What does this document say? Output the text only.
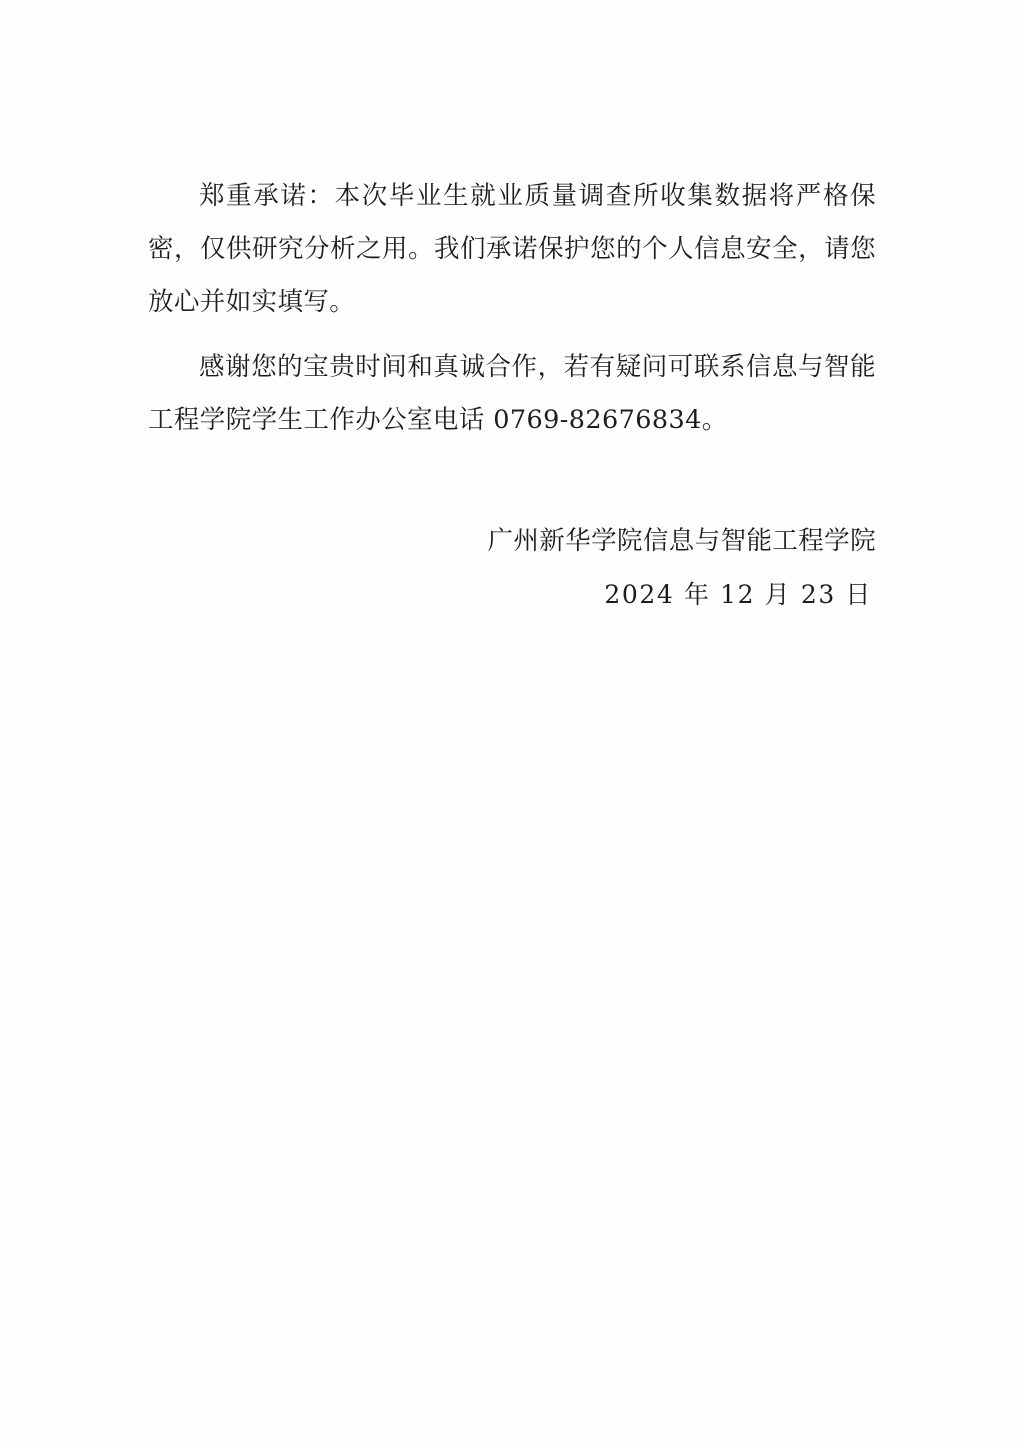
郑重承诺：本次毕业生就业质量调查所收集数据将严格保密，仅供研究分析之用。我们承诺保护您的个人信息安全，请您放心并如实填写。

感谢您的宝贵时间和真诚合作，若有疑问可联系信息与智能工程学院学生工作办公室电话 0769-82676834。

广州新华学院信息与智能工程学院
2024 年 12 月 23 日
